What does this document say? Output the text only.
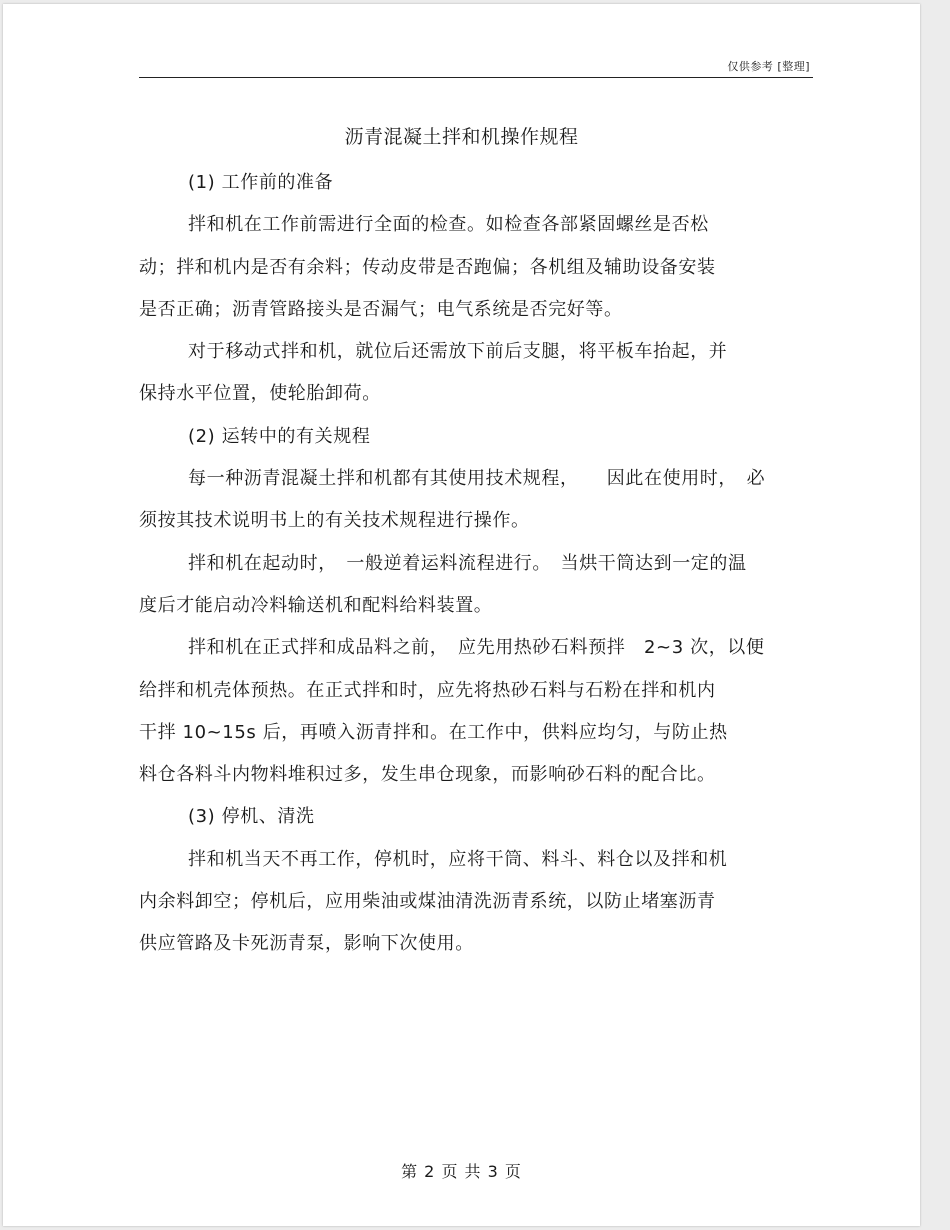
仅供参考 [整理]
沥青混凝土拌和机操作规程
(1) 工作前的准备
拌和机在工作前需进行全面的检查。如检查各部紧固螺丝是否松
动；拌和机内是否有余料；传动皮带是否跑偏；各机组及辅助设备安装
是否正确；沥青管路接头是否漏气；电气系统是否完好等。
对于移动式拌和机，就位后还需放下前后支腿，将平板车抬起，并
保持水平位置，使轮胎卸荷。
(2) 运转中的有关规程
每一种沥青混凝土拌和机都有其使用技术规程，　　因此在使用时，　必
须按其技术说明书上的有关技术规程进行操作。
拌和机在起动时，　一般逆着运料流程进行。　当烘干筒达到一定的温
度后才能启动冷料输送机和配料给料装置。
拌和机在正式拌和成品料之前，　应先用热砂石料预拌　2~3 次，以便
给拌和机壳体预热。在正式拌和时，应先将热砂石料与石粉在拌和机内
干拌 10~15s 后，再喷入沥青拌和。在工作中，供料应均匀，与防止热
料仓各料斗内物料堆积过多，发生串仓现象，而影响砂石料的配合比。
(3) 停机、清洗
拌和机当天不再工作，停机时，应将干筒、料斗、料仓以及拌和机
内余料卸空；停机后，应用柴油或煤油清洗沥青系统，以防止堵塞沥青
供应管路及卡死沥青泵，影响下次使用。
第 2 页 共 3 页
